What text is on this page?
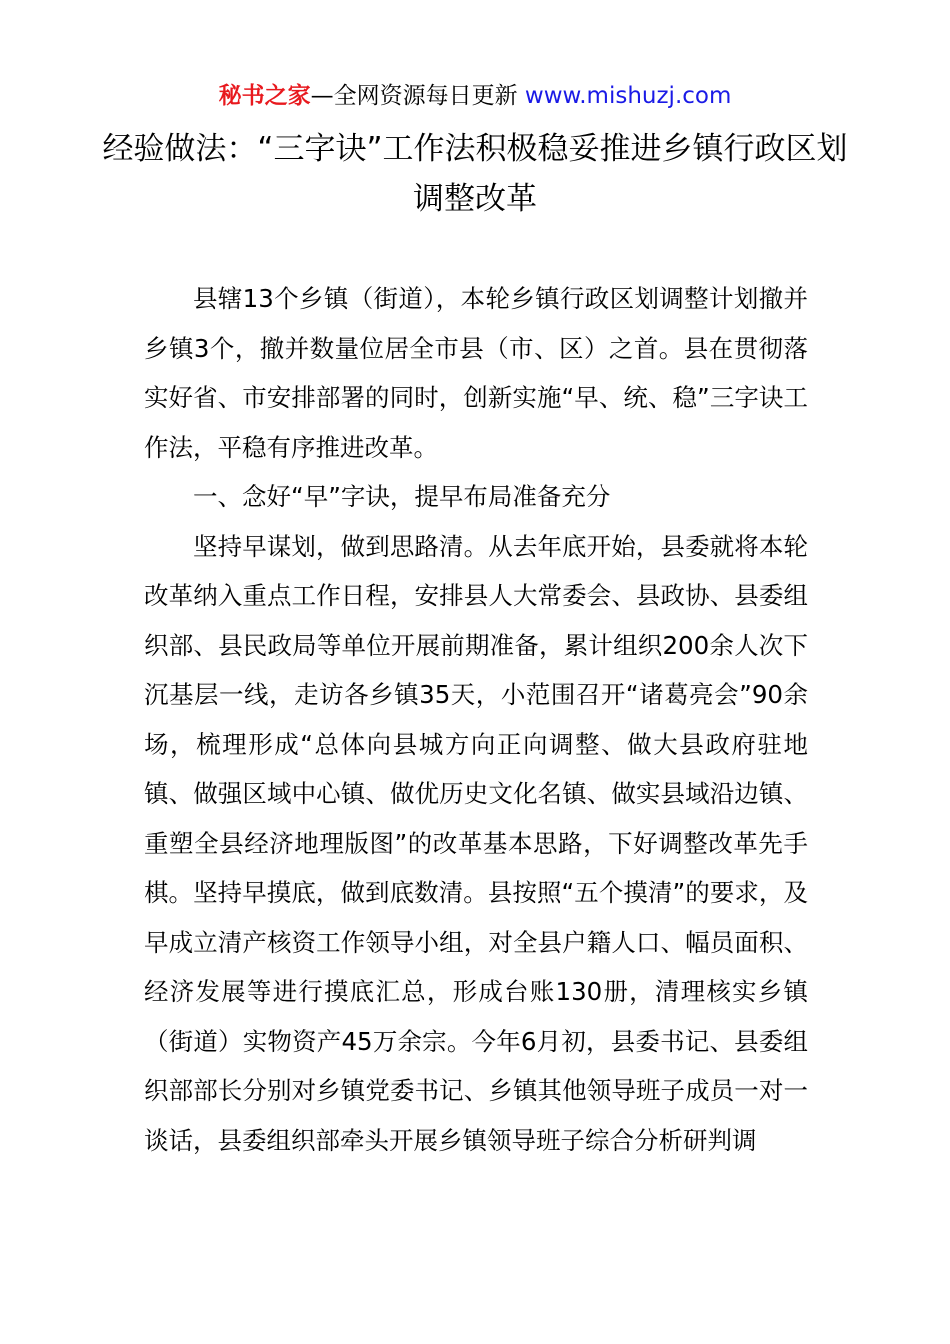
秘书之家—全网资源每日更新 www.mishuzj.com
经验做法：“三字诀”工作法积极稳妥推进乡镇行政区划调整改革

县辖13个乡镇（街道），本轮乡镇行政区划调整计划撤并乡镇3个，撤并数量位居全市县（市、区）之首。县在贯彻落实好省、市安排部署的同时，创新实施“早、统、稳”三字诀工作法，平稳有序推进改革。

一、念好“早”字诀，提早布局准备充分

坚持早谋划，做到思路清。从去年底开始，县委就将本轮改革纳入重点工作日程，安排县人大常委会、县政协、县委组织部、县民政局等单位开展前期准备，累计组织200余人次下沉基层一线，走访各乡镇35天，小范围召开“诸葛亮会”90余场，梳理形成“总体向县城方向正向调整、做大县政府驻地镇、做强区域中心镇、做优历史文化名镇、做实县域沿边镇、重塑全县经济地理版图”的改革基本思路，下好调整改革先手棋。坚持早摸底，做到底数清。县按照“五个摸清”的要求，及早成立清产核资工作领导小组，对全县户籍人口、幅员面积、经济发展等进行摸底汇总，形成台账130册，清理核实乡镇（街道）实物资产45万余宗。今年6月初，县委书记、县委组织部部长分别对乡镇党委书记、乡镇其他领导班子成员一对一谈话，县委组织部牵头开展乡镇领导班子综合分析研判调
